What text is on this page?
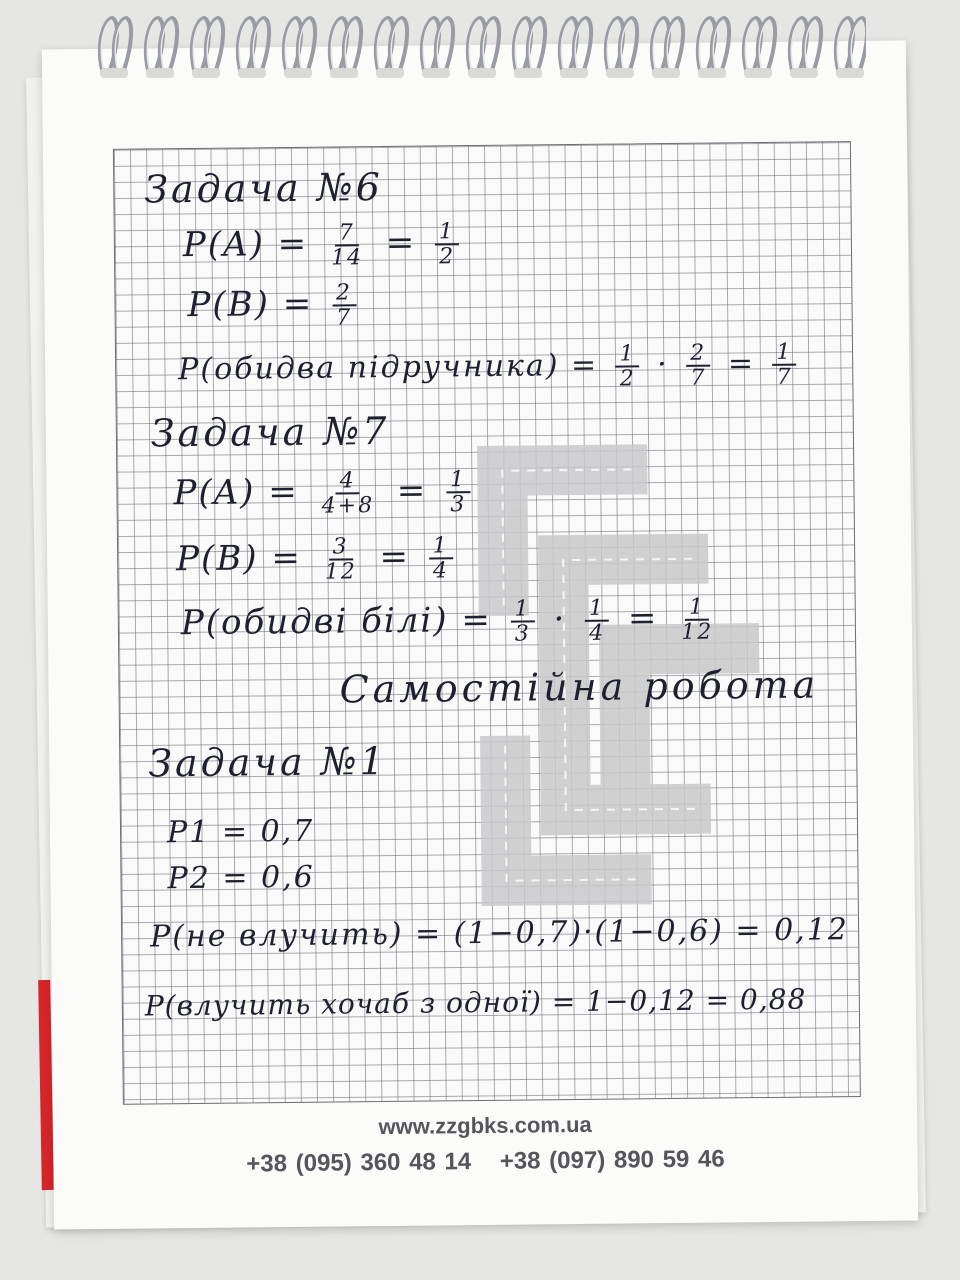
Задача №6
$P(A) = \frac{7}{14} = \frac{1}{2}$
$P(B) = \frac{2}{7}$
P(обидва підручника) = $\frac{1}{2} \cdot \frac{2}{7} = \frac{1}{7}$
Задача №7
$P(A) = \frac{4}{4+8} = \frac{1}{3}$
$P(B) = \frac{3}{12} = \frac{1}{4}$
P(обидві білі) = $\frac{1}{3} \cdot \frac{1}{4} = \frac{1}{12}$
Самостійна робота
Задача №1
P1 = 0,7
P2 = 0,6
P(не влучить) = (1−0,7)·(1−0,6) = 0,12
P(влучить хочаб з одної) = 1−0,12 = 0,88
www.zzgbks.com.ua
+38 (095) 360 48 14 +38 (097) 890 59 46
